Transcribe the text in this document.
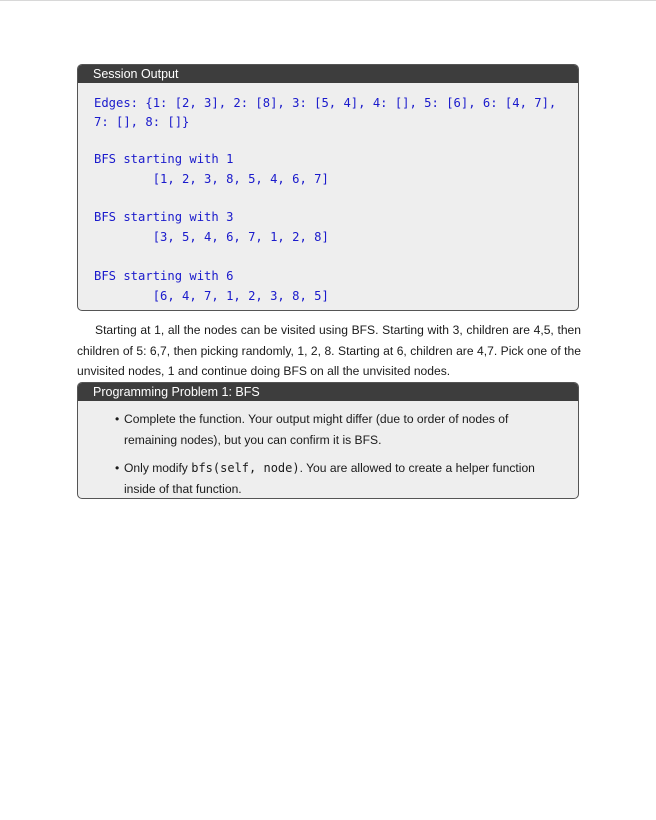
Session Output
Edges: {1: [2, 3], 2: [8], 3: [5, 4], 4: [], 5: [6], 6: [4, 7],
7: [], 8: []}
BFS starting with 1
[1, 2, 3, 8, 5, 4, 6, 7]
BFS starting with 3
[3, 5, 4, 6, 7, 1, 2, 8]
BFS starting with 6
[6, 4, 7, 1, 2, 3, 8, 5]

Starting at 1, all the nodes can be visited using BFS. Starting with 3, children are 4,5, then children of 5: 6,7, then picking randomly, 1, 2, 8. Starting at 6, children are 4,7. Pick one of the unvisited nodes, 1 and continue doing BFS on all the unvisited nodes.

Programming Problem 1: BFS
• Complete the function. Your output might differ (due to order of nodes of remaining nodes), but you can confirm it is BFS.
• Only modify bfs(self, node). You are allowed to create a helper function inside of that function.
